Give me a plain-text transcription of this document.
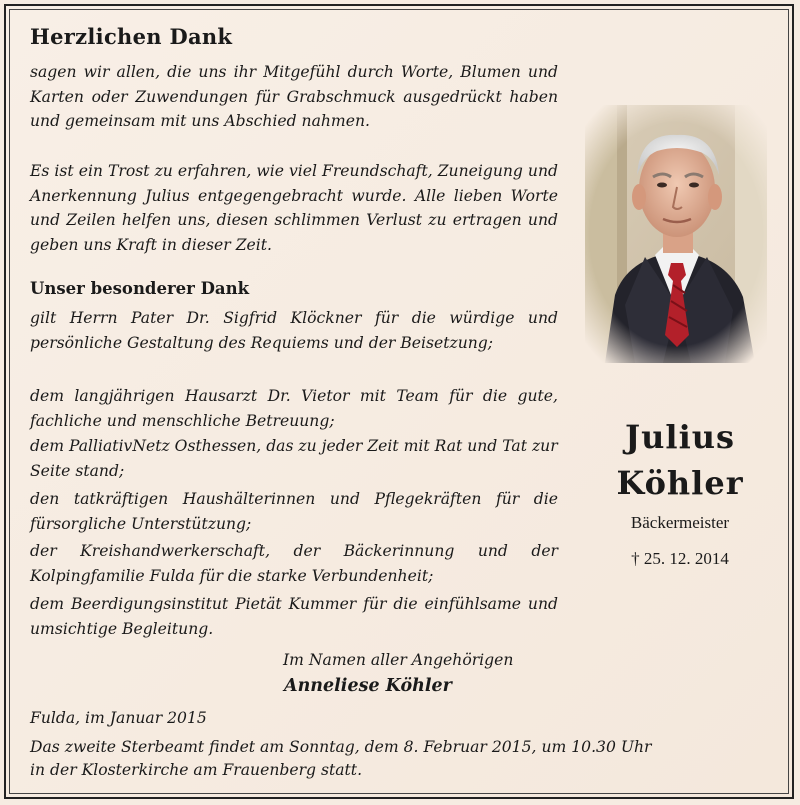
Herzlichen Dank
sagen wir allen, die uns ihr Mitgefühl durch Worte, Blumen und Karten oder Zuwendungen für Grabschmuck ausgedrückt haben und gemeinsam mit uns Abschied nahmen.
Es ist ein Trost zu erfahren, wie viel Freundschaft, Zuneigung und Anerkennung Julius entgegengebracht wurde. Alle lieben Worte und Zeilen helfen uns, diesen schlimmen Verlust zu ertragen und geben uns Kraft in dieser Zeit.
Unser besonderer Dank
gilt Herrn Pater Dr. Sigfrid Klöckner für die würdige und persönliche Gestaltung des Requiems und der Beisetzung;
dem langjährigen Hausarzt Dr. Vietor mit Team für die gute, fachliche und menschliche Betreuung;
dem PalliativNetz Osthessen, das zu jeder Zeit mit Rat und Tat zur Seite stand;
den tatkräftigen Haushälterinnen und Pflegekräften für die fürsorgliche Unterstützung;
der Kreishandwerkerschaft, der Bäckerinnung und der Kolpingfamilie Fulda für die starke Verbundenheit;
dem Beerdigungsinstitut Pietät Kummer für die einfühlsame und umsichtige Begleitung.
Im Namen aller Angehörigen
Anneliese Köhler
Fulda, im Januar 2015
Das zweite Sterbeamt findet am Sonntag, dem 8. Februar 2015, um 10.30 Uhr
in der Klosterkirche am Frauenberg statt.
Julius
Köhler
Bäckermeister
† 25. 12. 2014
